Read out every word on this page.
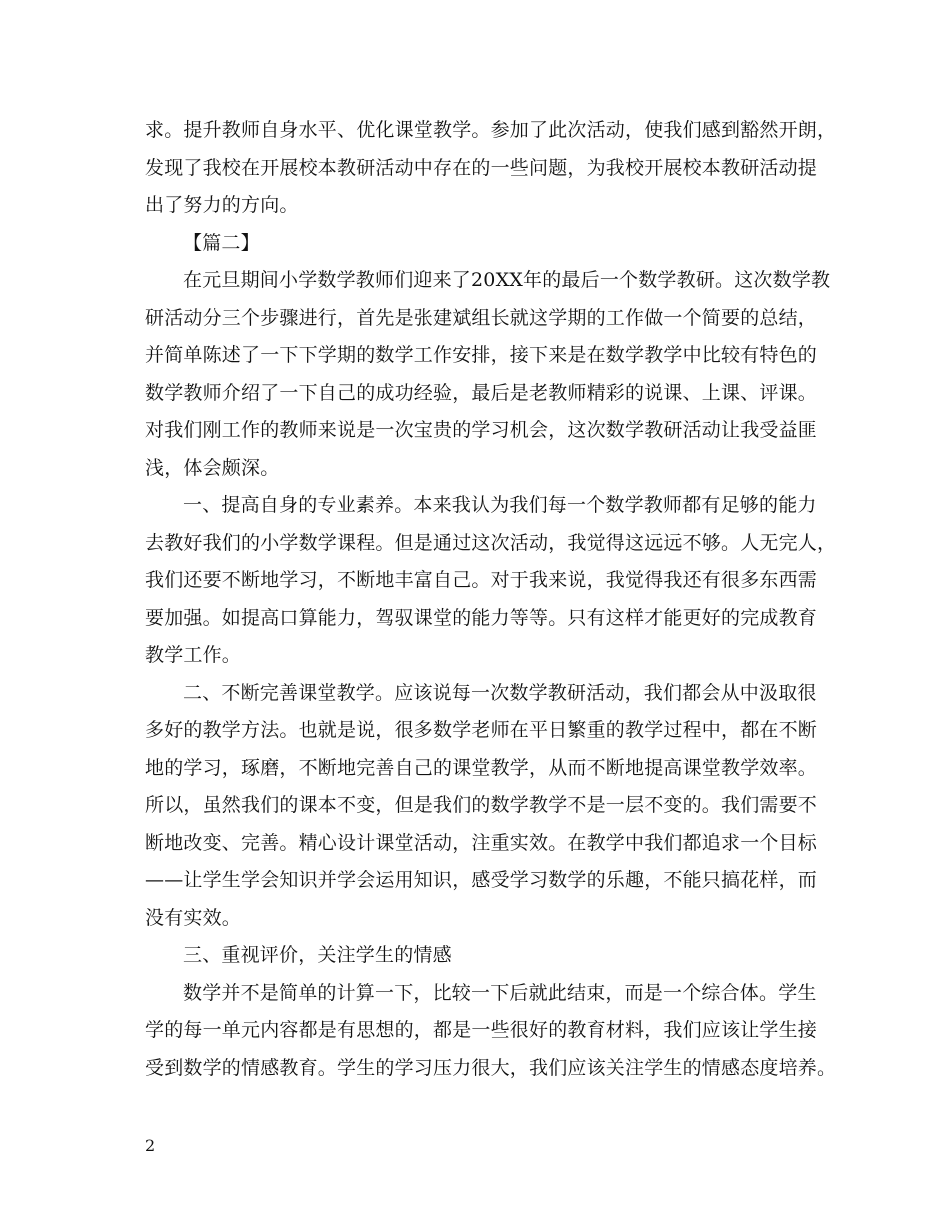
求。提升教师自身水平、优化课堂教学。参加了此次活动，使我们感到豁然开朗，
发现了我校在开展校本教研活动中存在的一些问题，为我校开展校本教研活动提
出了努力的方向。
【篇二】
在元旦期间小学数学教师们迎来了20XX年的最后一个数学教研。这次数学教
研活动分三个步骤进行，首先是张建斌组长就这学期的工作做一个简要的总结，
并简单陈述了一下下学期的数学工作安排，接下来是在数学教学中比较有特色的
数学教师介绍了一下自己的成功经验，最后是老教师精彩的说课、上课、评课。
对我们刚工作的教师来说是一次宝贵的学习机会，这次数学教研活动让我受益匪
浅，体会颇深。
一、提高自身的专业素养。本来我认为我们每一个数学教师都有足够的能力
去教好我们的小学数学课程。但是通过这次活动，我觉得这远远不够。人无完人，
我们还要不断地学习，不断地丰富自己。对于我来说，我觉得我还有很多东西需
要加强。如提高口算能力，驾驭课堂的能力等等。只有这样才能更好的完成教育
教学工作。
二、不断完善课堂教学。应该说每一次数学教研活动，我们都会从中汲取很
多好的教学方法。也就是说，很多数学老师在平日繁重的教学过程中，都在不断
地的学习，琢磨，不断地完善自己的课堂教学，从而不断地提高课堂教学效率。
所以，虽然我们的课本不变，但是我们的数学教学不是一层不变的。我们需要不
断地改变、完善。精心设计课堂活动，注重实效。在教学中我们都追求一个目标
——让学生学会知识并学会运用知识，感受学习数学的乐趣，不能只搞花样，而
没有实效。
三、重视评价，关注学生的情感
数学并不是简单的计算一下，比较一下后就此结束，而是一个综合体。学生
学的每一单元内容都是有思想的，都是一些很好的教育材料，我们应该让学生接
受到数学的情感教育。学生的学习压力很大，我们应该关注学生的情感态度培养。
2
